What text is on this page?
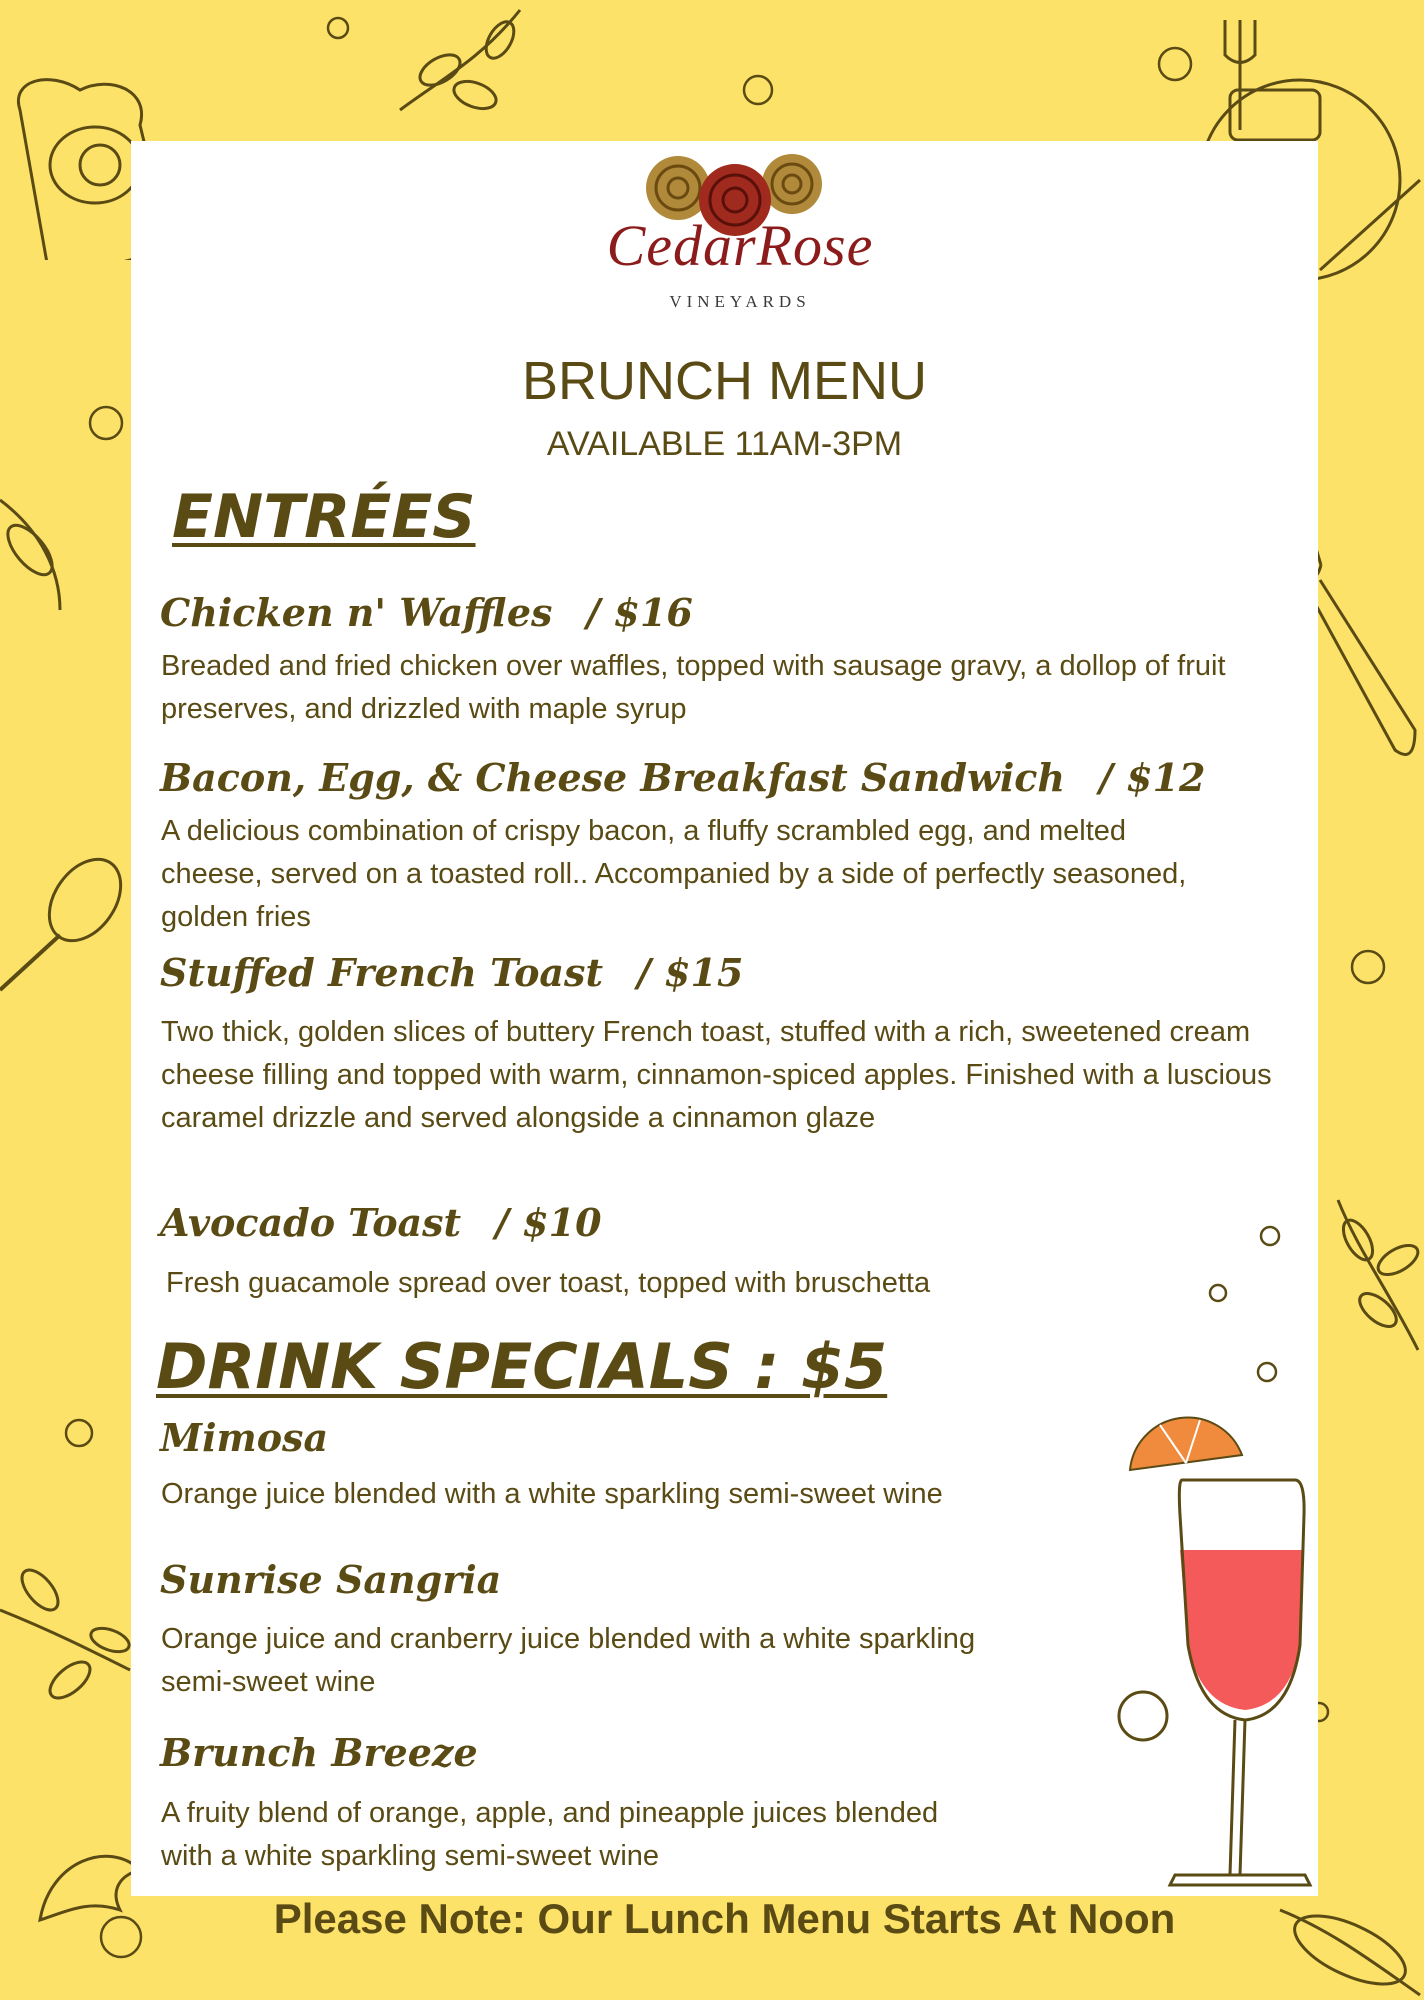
CedarRose
VINEYARDS
BRUNCH MENU
AVAILABLE 11AM-3PM
ENTRÉES
Chicken n' Waffles / $16
Breaded and fried chicken over waffles, topped with sausage gravy, a dollop of fruit preserves, and drizzled with maple syrup
Bacon, Egg, & Cheese Breakfast Sandwich / $12
A delicious combination of crispy bacon, a fluffy scrambled egg, and melted cheese, served on a toasted roll.. Accompanied by a side of perfectly seasoned, golden fries
Stuffed French Toast / $15
Two thick, golden slices of buttery French toast, stuffed with a rich, sweetened cream cheese filling and topped with warm, cinnamon-spiced apples. Finished with a luscious caramel drizzle and served alongside a cinnamon glaze
Avocado Toast / $10
Fresh guacamole spread over toast, topped with bruschetta
DRINK SPECIALS : $5
Mimosa
Orange juice blended with a white sparkling semi-sweet wine
Sunrise Sangria
Orange juice and cranberry juice blended with a white sparkling semi-sweet wine
Brunch Breeze
A fruity blend of orange, apple, and pineapple juices blended with a white sparkling semi-sweet wine
Please Note: Our Lunch Menu Starts At Noon
